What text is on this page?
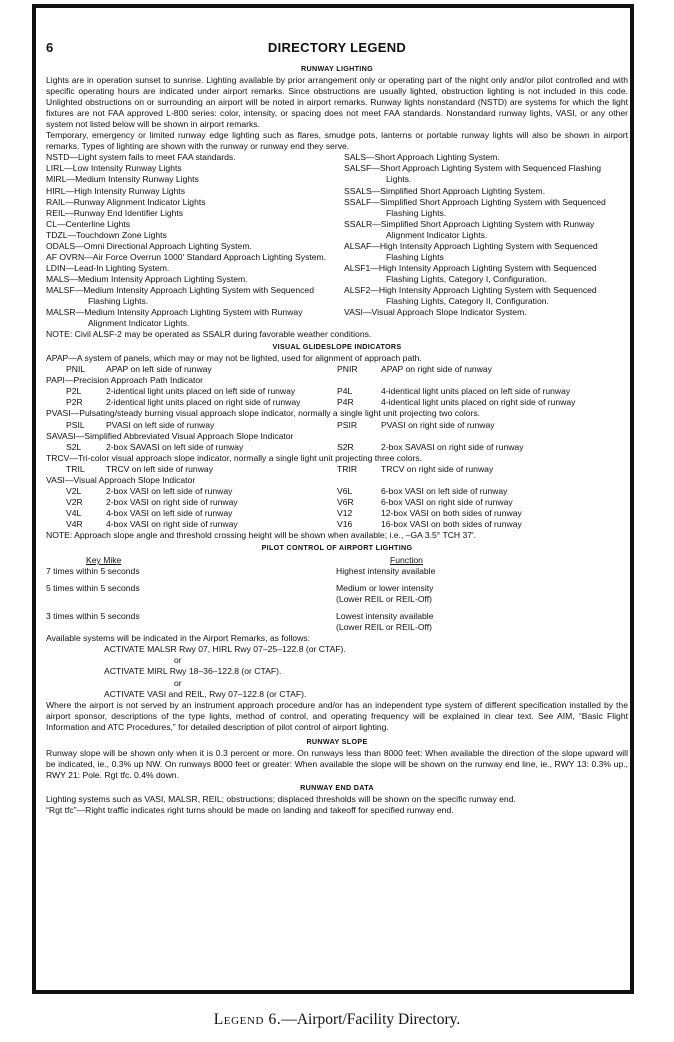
6	DIRECTORY LEGEND
RUNWAY LIGHTING

Lights are in operation sunset to sunrise. Lighting available by prior arrangement only or operating part of the night only and/or pilot controlled and with specific operating hours are indicated under airport remarks. Since obstructions are usually lighted, obstruction lighting is not included in this code. Unlighted obstructions on or surrounding an airport will be noted in airport remarks. Runway lights nonstandard (NSTD) are systems for which the light fixtures are not FAA approved L-800 series: color, intensity, or spacing does not meet FAA standards. Nonstandard runway lights, VASI, or any other system not listed below will be shown in airport remarks.

Temporary, emergency or limited runway edge lighting such as flares, smudge pots, lanterns or portable runway lights will also be shown in airport remarks. Types of lighting are shown with the runway or runway end they serve.

NSTD—Light system fails to meet FAA standards.
LIRL—Low Intensity Runway Lights
MIRL—Medium Intensity Runway Lights
HIRL—High Intensity Runway Lights
RAIL—Runway Alignment Indicator Lights
REIL—Runway End Identifier Lights
CL—Centerline Lights
TDZL—Touchdown Zone Lights
ODALS—Omni Directional Approach Lighting System.
AF OVRN—Air Force Overrun 1000′ Standard Approach Lighting System.
LDIN—Lead-In Lighting System.
MALS—Medium Intensity Approach Lighting System.
MALSF—Medium Intensity Approach Lighting System with Sequenced Flashing Lights.
MALSR—Medium Intensity Approach Lighting System with Runway Alignment Indicator Lights.
SALS—Short Approach Lighting System.
SALSF—Short Approach Lighting System with Sequenced Flashing Lights.
SSALS—Simplified Short Approach Lighting System.
SSALF—Simplified Short Approach Lighting System with Sequenced Flashing Lights.
SSALR—Simplified Short Approach Lighting System with Runway Alignment Indicator Lights.
ALSAF—High Intensity Approach Lighting System with Sequenced Flashing Lights
ALSF1—High Intensity Approach Lighting System with Sequenced Flashing Lights, Category I, Configuration.
ALSF2—High Intensity Approach Lighting System with Sequenced Flashing Lights, Category II, Configuration.
VASI—Visual Approach Slope Indicator System.

NOTE: Civil ALSF-2 may be operated as SSALR during favorable weather conditions.

VISUAL GLIDESLOPE INDICATORS

APAP—A system of panels, which may or may not be lighted, used for alignment of approach path.

PNIL	APAP on left side of runway	PNIR	APAP on right side of runway

PAPI—Precision Approach Path Indicator

P2L	2-identical light units placed on left side of runway	P4L	4-identical light units placed on left side of runway
P2R	2-identical light units placed on right side of runway	P4R	4-identical light units placed on right side of runway

PVASI—Pulsating/steady burning visual approach slope indicator, normally a single light unit projecting two colors.

PSIL	PVASI on left side of runway	PSIR	PVASI on right side of runway

SAVASI—Simplified Abbreviated Visual Approach Slope Indicator

S2L	2-box SAVASI on left side of runway	S2R	2-box SAVASI on right side of runway

TRCV—Tri-color visual approach slope indicator, normally a single light unit projecting three colors.

TRIL	TRCV on left side of runway	TRIR	TRCV on right side of runway

VASI—Visual Approach Slope Indicator

V2L	2-box VASI on left side of runway	V6L	6-box VASI on left side of runway
V2R	2-box VASI on right side of runway	V6R	6-box VASI on right side of runway
V4L	4-box VASI on left side of runway	V12	12-box VASI on both sides of runway
V4R	4-box VASI on right side of runway	V16	16-box VASI on both sides of runway

NOTE: Approach slope angle and threshold crossing height will be shown when available; i.e., –GA 3.5° TCH 37′.

PILOT CONTROL OF AIRPORT LIGHTING
Key Mike	Function
7 times within 5 seconds	Highest intensity available
5 times within 5 seconds	Medium or lower intensity
(Lower REIL or REIL-Off)
3 times within 5 seconds	Lowest intensity available
(Lower REIL or REIL-Off)

Available systems will be indicated in the Airport Remarks, as follows:

ACTIVATE MALSR Rwy 07, HIRL Rwy 07–25–122.8 (or CTAF).
or
ACTIVATE MIRL Rwy 18–36–122.8 (or CTAF).
or
ACTIVATE VASI and REIL, Rwy 07–122.8 (or CTAF).

Where the airport is not served by an instrument approach procedure and/or has an independent type system of different specification installed by the airport sponsor, descriptions of the type lights, method of control, and operating frequency will be explained in clear text. See AIM, “Basic Flight Information and ATC Procedures,” for detailed description of pilot control of airport lighting.

RUNWAY SLOPE

Runway slope will be shown only when it is 0.3 percent or more. On runways less than 8000 feet: When available the direction of the slope upward will be indicated, ie., 0.3% up NW. On runways 8000 feet or greater: When available the slope will be shown on the runway end line, ie., RWY 13: 0.3% up., RWY 21: Pole. Rgt tfc. 0.4% down.

RUNWAY END DATA

Lighting systems such as VASI, MALSR, REIL; obstructions; displaced thresholds will be shown on the specific runway end.

“Rgt tfc”—Right traffic indicates right turns should be made on landing and takeoff for specified runway end.

Legend 6.—Airport/Facility Directory.
